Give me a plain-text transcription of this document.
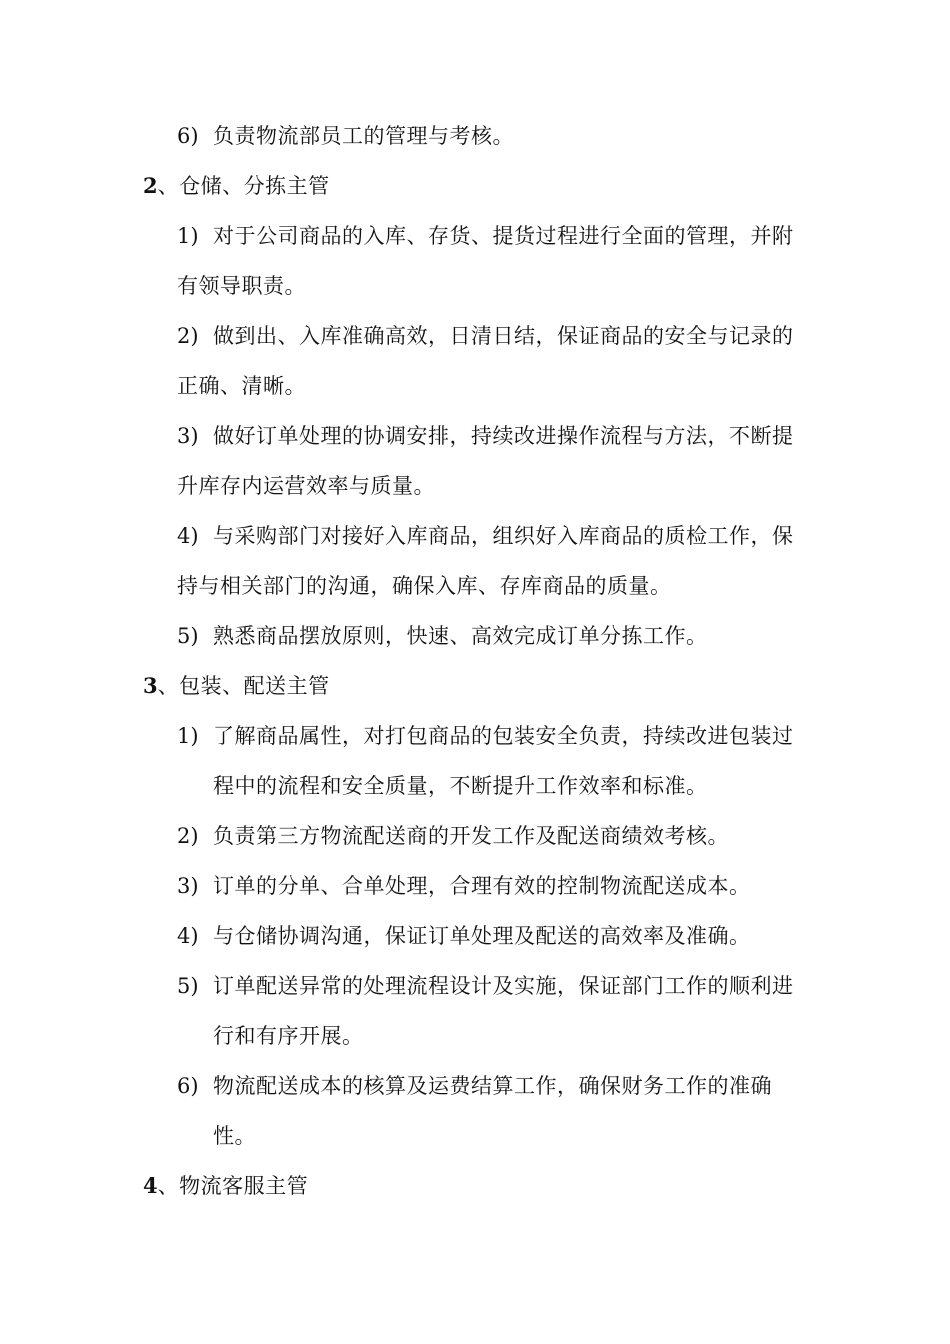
6) 负责物流部员工的管理与考核。
2、仓储、分拣主管
1) 对于公司商品的入库、存货、提货过程进行全面的管理，并附
有领导职责。
2) 做到出、入库准确高效，日清日结，保证商品的安全与记录的
正确、清晰。
3) 做好订单处理的协调安排，持续改进操作流程与方法，不断提
升库存内运营效率与质量。
4) 与采购部门对接好入库商品，组织好入库商品的质检工作，保
持与相关部门的沟通，确保入库、存库商品的质量。
5) 熟悉商品摆放原则，快速、高效完成订单分拣工作。
3、包装、配送主管
1) 了解商品属性，对打包商品的包装安全负责，持续改进包装过
程中的流程和安全质量，不断提升工作效率和标准。
2) 负责第三方物流配送商的开发工作及配送商绩效考核。
3) 订单的分单、合单处理，合理有效的控制物流配送成本。
4) 与仓储协调沟通，保证订单处理及配送的高效率及准确。
5) 订单配送异常的处理流程设计及实施，保证部门工作的顺利进
行和有序开展。
6) 物流配送成本的核算及运费结算工作，确保财务工作的准确
性。
4、物流客服主管
